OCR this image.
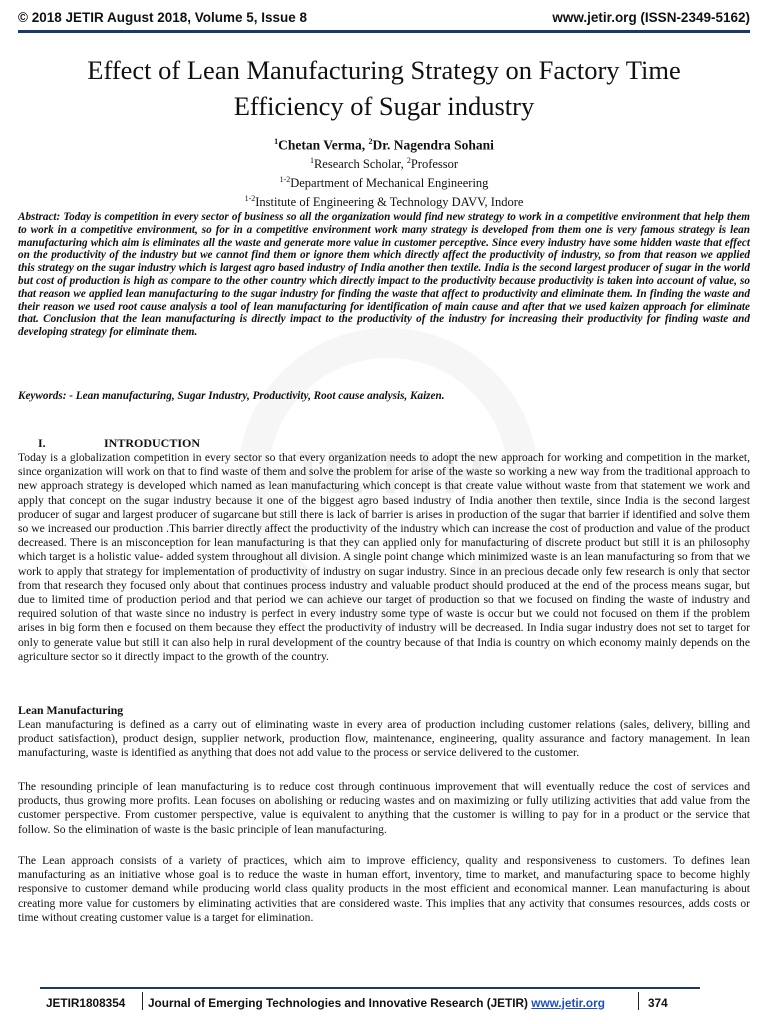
JETIR
© 2018 JETIR August 2018, Volume 5, Issue 8	www.jetir.org (ISSN-2349-5162)
Effect of Lean Manufacturing Strategy on Factory Time
Efficiency of Sugar industry
$^1$Chetan Verma, $^2$Dr. Nagendra Sohani
$^1$Research Scholar, $^2$Professor
$^{1-2}$Department of Mechanical Engineering
$^{1-2}$Institute of Engineering & Technology DAVV, Indore
Abstract: Today is competition in every sector of business so all the organization would find new strategy to work in a competitive environment that help them to work in a competitive environment, so for in a competitive environment work many strategy is developed from them one is very famous strategy is lean manufacturing which aim is eliminates all the waste and generate more value in customer perceptive. Since every industry have some hidden waste that effect on the productivity of the industry but we cannot find them or ignore them which directly affect the productivity of industry, so from that reason we applied this strategy on the sugar industry which is largest agro based industry of India another then textile. India is the second largest producer of sugar in the world but cost of production is high as compare to the other country which directly impact to the productivity because productivity is taken into account of value, so that reason we applied lean manufacturing to the sugar industry for finding the waste that affect to productivity and eliminate them. In finding the waste and their reason we used root cause analysis a tool of lean manufacturing for identification of main cause and after that we used kaizen approach for eliminate that. Conclusion that the lean manufacturing is directly impact to the productivity of the industry for increasing their productivity for finding waste and developing strategy for eliminate them.
Keywords: - Lean manufacturing, Sugar Industry, Productivity, Root cause analysis, Kaizen.
I.	INTRODUCTION
Today is a globalization competition in every sector so that every organization needs to adopt the new approach for working and competition in the market, since organization will work on that to find waste of them and solve the problem for arise of the waste so working a new way from the traditional approach to new approach strategy is developed which named as lean manufacturing which concept is that create value without waste from that statement we work and apply that concept on the sugar industry because it one of the biggest agro based industry of India another then textile, since India is the second largest producer of sugar and largest producer of sugarcane but still there is lack of barrier is arises in production of the sugar that barrier if identified and solve them so we increased our production .This barrier directly affect the productivity of the industry which can increase the cost of production and value of the product decreased. There is an misconception for lean manufacturing is that they can applied only for manufacturing of discrete product but still it is an philosophy which target is a holistic value- added system throughout all division. A single point change which minimized waste is an lean manufacturing so from that we work to apply that strategy for implementation of productivity of industry on sugar industry. Since in an precious decade only few research is only that sector from that research they focused only about that continues process industry and valuable product should produced at the end of the process means sugar, but due to limited time of production period and that period we can achieve our target of production so that we focused on finding the waste of industry and required solution of that waste since no industry is perfect in every industry some type of waste is occur but we could not focused on them if the problem arises in big form then e focused on them because they effect the productivity of industry will be decreased. In India sugar industry does not set to target for only to generate value but still it can also help in rural development of the country because of that India is country on which economy mainly depends on the agriculture sector so it directly impact to the growth of the country.
Lean Manufacturing
Lean manufacturing is defined as a carry out of eliminating waste in every area of production including customer relations (sales, delivery, billing and product satisfaction), product design, supplier network, production flow, maintenance, engineering, quality assurance and factory management. In lean manufacturing, waste is identified as anything that does not add value to the process or service delivered to the customer.
The resounding principle of lean manufacturing is to reduce cost through continuous improvement that will eventually reduce the cost of services and products, thus growing more profits. Lean focuses on abolishing or reducing wastes and on maximizing or fully utilizing activities that add value from the customer perspective. From customer perspective, value is equivalent to anything that the customer is willing to pay for in a product or the service that follow. So the elimination of waste is the basic principle of lean manufacturing.
The Lean approach consists of a variety of practices, which aim to improve efficiency, quality and responsiveness to customers. To defines lean manufacturing as an initiative whose goal is to reduce the waste in human effort, inventory, time to market, and manufacturing space to become highly responsive to customer demand while producing world class quality products in the most efficient and economical manner. Lean manufacturing is about creating more value for customers by eliminating activities that are considered waste. This implies that any activity that consumes resources, adds costs or time without creating customer value is a target for elimination.
JETIR1808354 Journal of Emerging Technologies and Innovative Research (JETIR) www.jetir.org	374
